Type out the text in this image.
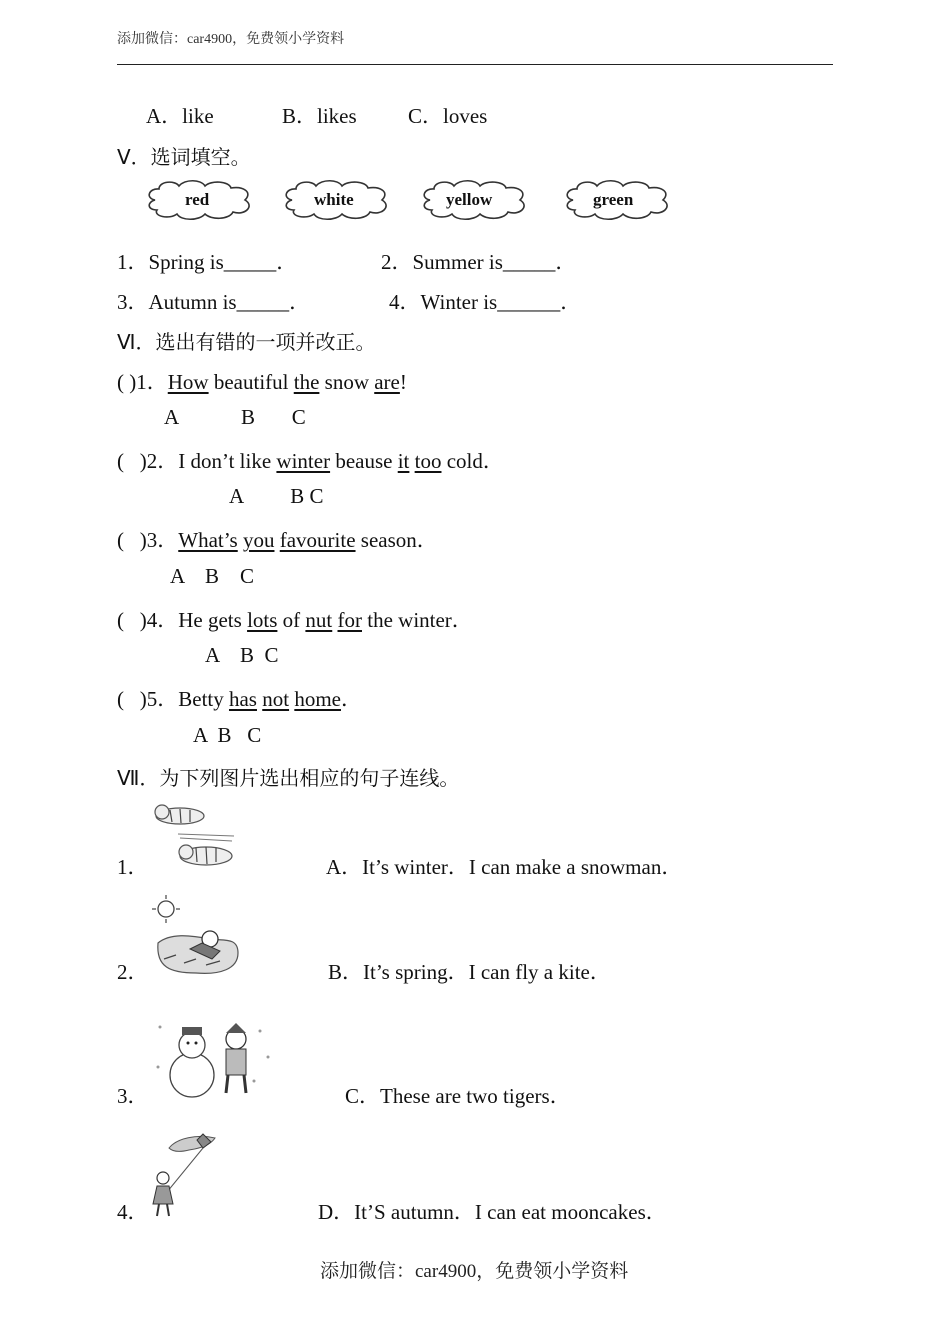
添加微信：car4900，免费领小学资料
A．like	B．likes C．loves
V．选词填空。
red	white	yellow	green
1．Spring is_____．	2．Summer is_____．
3．Autumn is_____．	4．Winter is______．
Ⅵ．选出有错的一项并改正。
( )1．How beautiful the snow are!
A            B       C
(   )2．I don’t like winter beause it too cold．
A         B C
(   )3．What’s you favourite season．
A    B    C
(   )4．He gets lots of nut for the winter．
A    B  C
(   )5．Betty has not home．
A  B   C
Ⅶ．为下列图片选出相应的句子连线。
1．	A．It’s winter．I can make a snowman．
2．	B．It’s spring．I can fly a kite．
3．	C．These are two tigers．
4．	D．It’S autumn．I can eat mooncakes．
添加微信：car4900，免费领小学资料
